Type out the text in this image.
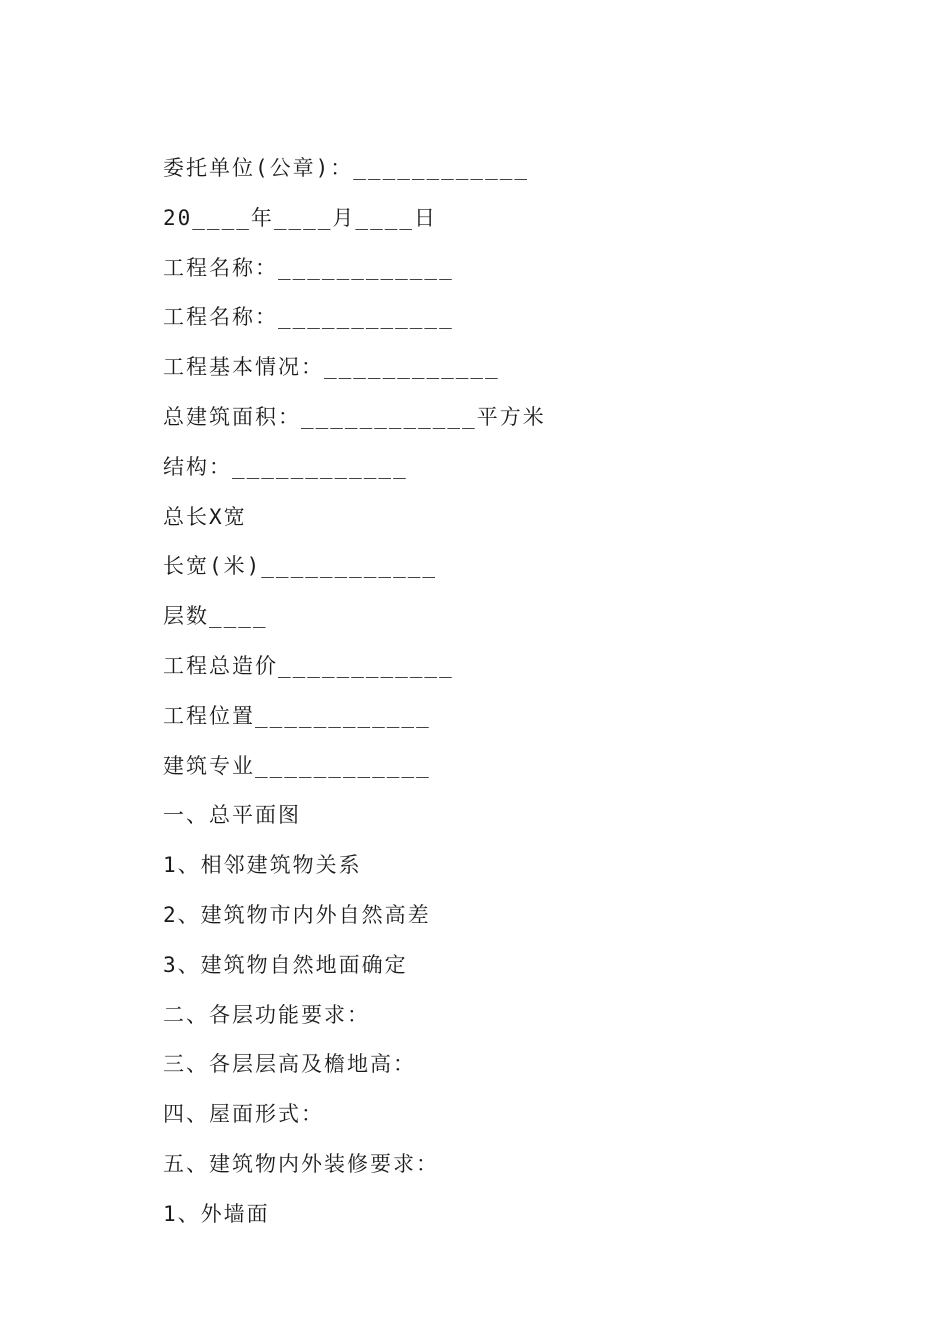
委托单位(公章)：____________
20____年____月____日
工程名称：____________
工程名称：____________
工程基本情况：____________
总建筑面积：____________平方米
结构：____________
总长X宽
长宽(米)____________
层数____
工程总造价____________
工程位置____________
建筑专业____________
一、总平面图
1、相邻建筑物关系
2、建筑物市内外自然高差
3、建筑物自然地面确定
二、各层功能要求：
三、各层层高及檐地高：
四、屋面形式：
五、建筑物内外装修要求：
1、外墙面
